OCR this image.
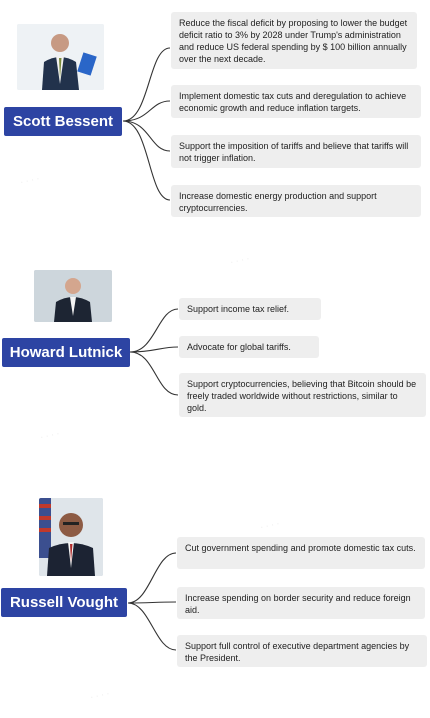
· · · ·
· · · ·
· · · ·
· · · ·
· · · ·
Scott Bessent
Reduce the fiscal deficit by proposing to lower the budget deficit ratio to 3% by 2028 under Trump's administration and reduce US federal spending by $ 100 billion annually over the next decade.
Implement domestic tax cuts and deregulation to achieve economic growth and reduce inflation targets.
Support the imposition of tariffs and believe that tariffs will not trigger inflation.
Increase domestic energy production and support cryptocurrencies.
Howard Lutnick
Support income tax relief.
Advocate for global tariffs.
Support cryptocurrencies, believing that Bitcoin should be freely traded worldwide without restrictions, similar to gold.
Russell Vought
Cut government spending and promote domestic tax cuts.
Increase spending on border security and reduce foreign aid.
Support full control of executive department agencies by the President.
